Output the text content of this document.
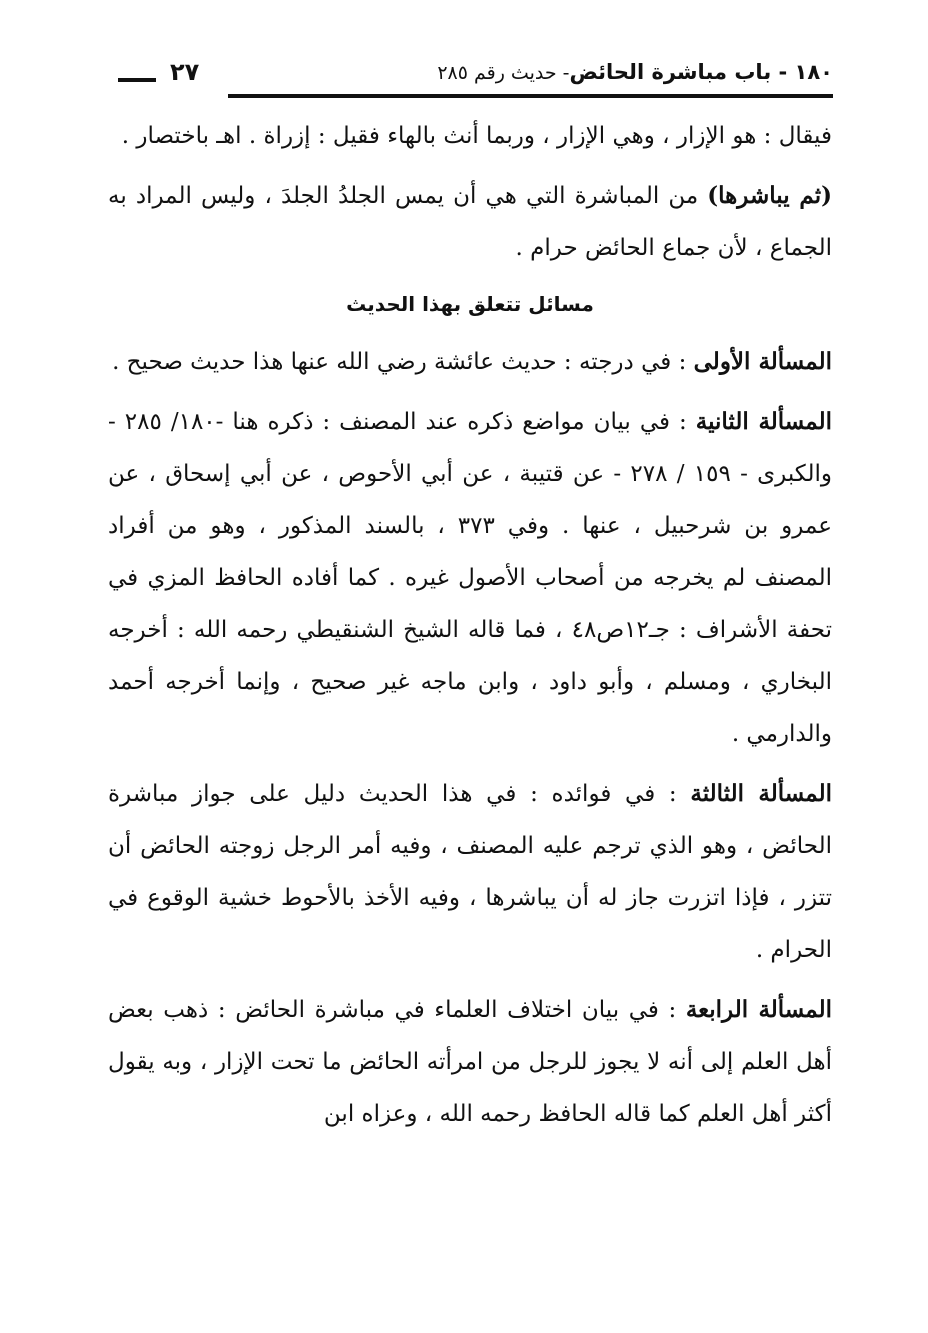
١٨٠ - باب مباشرة الحائض- حديث رقم ٢٨٥
٢٧

فيقال : هو الإزار ، وهي الإزار ، وربما أنث بالهاء فقيل : إزراة . اهـ باختصار .

(ثم يباشرها) من المباشرة التي هي أن يمس الجلدُ الجلدَ ، وليس المراد به الجماع ، لأن جماع الحائض حرام .

مسائل تتعلق بهذا الحديث

المسألة الأولى : في درجته : حديث عائشة رضي الله عنها هذا حديث صحيح .

المسألة الثانية : في بيان مواضع ذكره عند المصنف : ذكره هنا -١٨٠/ ٢٨٥ - والكبرى - ١٥٩ / ٢٧٨ - عن قتيبة ، عن أبي الأحوص ، عن أبي إسحاق ، عن عمرو بن شرحبيل ، عنها . وفي ٣٧٣ ، بالسند المذكور ، وهو من أفراد المصنف لم يخرجه من أصحاب الأصول غيره . كما أفاده الحافظ المزي في تحفة الأشراف : جـ١٢ص٤٨ ، فما قاله الشيخ الشنقيطي رحمه الله : أخرجه البخاري ، ومسلم ، وأبو داود ، وابن ماجه غير صحيح ، وإنما أخرجه أحمد والدارمي .

المسألة الثالثة : في فوائده : في هذا الحديث دليل على جواز مباشرة الحائض ، وهو الذي ترجم عليه المصنف ، وفيه أمر الرجل زوجته الحائض أن تتزر ، فإذا اتزرت جاز له أن يباشرها ، وفيه الأخذ بالأحوط خشية الوقوع في الحرام .

المسألة الرابعة : في بيان اختلاف العلماء في مباشرة الحائض : ذهب بعض أهل العلم إلى أنه لا يجوز للرجل من امرأته الحائض ما تحت الإزار ، وبه يقول أكثر أهل العلم كما قاله الحافظ رحمه الله ، وعزاه ابن
